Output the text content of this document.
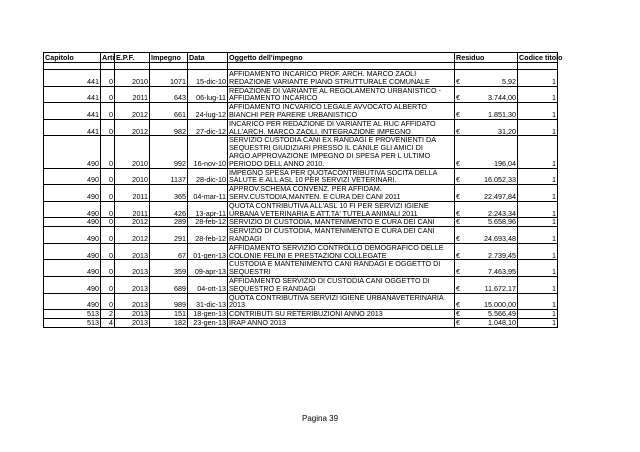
Capitolo	Arti	E.P.F.	Impegno	Data	Oggetto dell'impegno	Residuo		Codice titolo

441	0	2010	1071	15-dic-10	AFFIDAMENTO INCARICO PROF. ARCH. MARCO ZAOLI REDAZIONE VARIANTE PIANO STRUTTURALE COMUNALE	€	5,92	1
441	0	2011	643	06-lug-11	REDAZIONE DI VARIANTE AL REGOLAMENTO URBANISTICO - AFFIDAMENTO INCARICO	€	3.744,00	1
441	0	2012	661	24-lug-12	AFFIDAMENTO INCVARICO LEGALE AVVOCATO ALBERTO BIANCHI PER PARERE URBANISTICO	€	1.851,30	1
441	0	2012	982	27-dic-12	INCARICO PER REDAZIONE DI VARIANTE AL RUC AFFIDATO ALL'ARCH. MARCO ZAOLI, INTEGRAZIONE IMPEGNO	€	31,20	1
490	0	2010	992	16-nov-10	SERVIZIO CUSTODIA CANI EX RANDAGI E PROVENIENTI DA SEQUESTRI GIUDIZIARI PRESSO IL CANILE GLI AMICI DI ARGO.APPROVAZIONE IMPEGNO DI SPESA PER L ULTIMO PERIODO DELL ANNO 2010.	€	196,04	1
490	0	2010	1137	28-dic-10	IMPEGNO SPESA PER QUOTACONTRIBUTIVA SOCITA DELLA SALUTE E ALL ASL 10 PER SERVIZI VETERINARI.	€	16.052,33	1
490	0	2011	365	04-mar-11	APPROV.SCHEMA CONVENZ. PER AFFIDAM. SERV.CUSTODIA,MANTEN. E CURA DEI CANI 2011	€	22.497,84	1
490	0	2011	426	13-apr-11	QUOTA CONTRIBUTIVA ALL'ASL 10 FI PER SERVIZI IGIENE URBANA VETERINARIA E ATT.TA' TUTELA ANIMALI 2011	€	2.243,34	1
490	0	2012	289	28-feb-12	SERVIZIO DI CUSTODIA, MANTENIMENTO E CURA DEI CANI	€	5.658,96	1
490	0	2012	291	28-feb-12	SERVIZIO DI CUSTODIA, MANTENIMENTO E CURA DEI CANI RANDAGI	€	24.693,48	1
490	0	2013	67	01-gen-13	AFFIDAMENTO SERVIZIO CONTROLLO DEMOGRAFICO DELLE COLONIE FELINI E PRESTAZIONI COLLEGATE	€	2.739,45	1
490	0	2013	359	09-apr-13	CUSTODIA E MANTENIMENTO CANI RANDAGI E OGGETTO DI SEQUESTRI	€	7.463,95	1
490	0	2013	689	04-ott-13	AFFIDAMENTO SERVIZIO DI CUSTODIA CANI OGGETTO DI SEQUESTRO E RANDAGI	€	11.672,17	1
490	0	2013	989	31-dic-13	QUOTA CONTRIBUTIVA SERVIZI IGIENE URBANAVETERINARIA 2013	€	15.000,00	1
513	2	2013	151	18-gen-13	CONTRIBUTI SU RETERIBUZIONI ANNO 2013	€	5.566,49	1
513	4	2013	182	23-gen-13	IRAP ANNO 2013	€	1.048,10	1
Pagina 39
